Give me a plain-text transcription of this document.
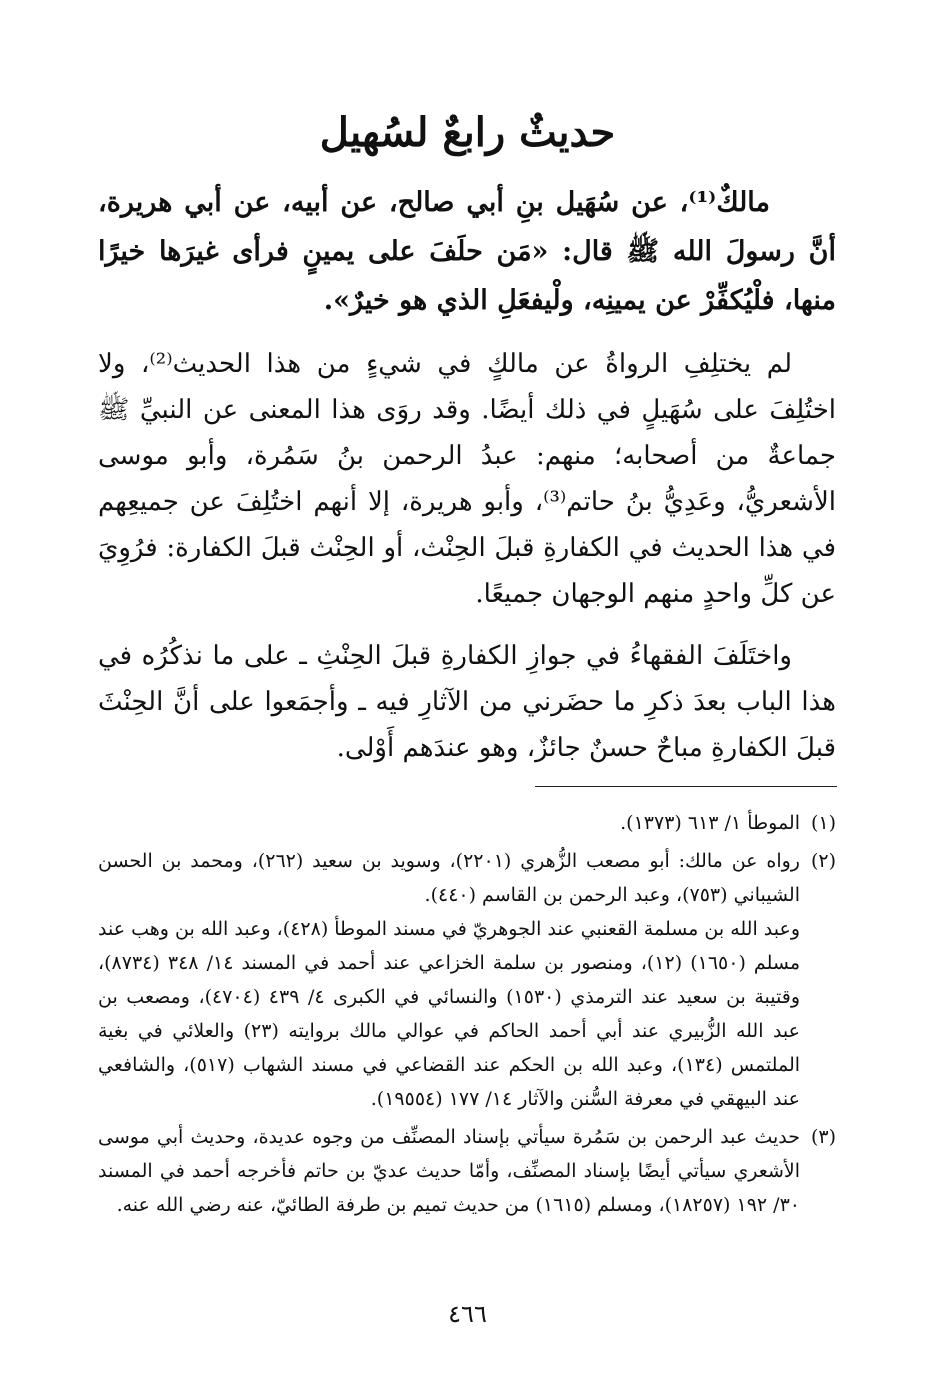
حديثٌ رابعٌ لسُهيل

مالكٌ⁽¹⁾، عن سُهَيل بنِ أبي صالح، عن أبيه، عن أبي هريرة، أنَّ رسولَ الله ﷺ قال: «مَن حلَفَ على يمينٍ فرأى غيرَها خيرًا منها، فلْيُكفِّرْ عن يمينِه، ولْيفعَلِ الذي هو خيرٌ».

لم يختلِفِ الرواةُ عن مالكٍ في شيءٍ من هذا الحديث⁽²⁾، ولا اختُلِفَ على سُهَيلٍ في ذلك أيضًا. وقد روَى هذا المعنى عن النبيِّ ﷺ جماعةٌ من أصحابه؛ منهم: عبدُ الرحمن بنُ سَمُرة، وأبو موسى الأشعريُّ، وعَدِيُّ بنُ حاتم⁽³⁾، وأبو هريرة، إلا أنهم اختُلِفَ عن جميعِهم في هذا الحديث في الكفارةِ قبلَ الحِنْث، أو الحِنْث قبلَ الكفارة: فرُوِيَ عن كلِّ واحدٍ منهم الوجهان جميعًا.

واختَلَفَ الفقهاءُ في جوازِ الكفارةِ قبلَ الحِنْثِ ـ على ما نذكُرُه في هذا الباب بعدَ ذكرِ ما حضَرني من الآثارِ فيه ـ وأجمَعوا على أنَّ الحِنْثَ قبلَ الكفارةِ مباحٌ حسنٌ جائزٌ، وهو عندَهم أَوْلى.

(١)
الموطأ ١/ ٦١٣ (١٣٧٣).
(٢)
رواه عن مالك: أبو مصعب الزُّهري (٢٢٠١)، وسويد بن سعيد (٢٦٢)، ومحمد بن الحسن الشيباني (٧٥٣)، وعبد الرحمن بن القاسم (٤٤٠).
وعبد الله بن مسلمة القعنبي عند الجوهريّ في مسند الموطأ (٤٢٨)، وعبد الله بن وهب عند مسلم (١٦٥٠) (١٢)، ومنصور بن سلمة الخزاعي عند أحمد في المسند ١٤/ ٣٤٨ (٨٧٣٤)، وقتيبة بن سعيد عند الترمذي (١٥٣٠) والنسائي في الكبرى ٤/ ٤٣٩ (٤٧٠٤)، ومصعب بن عبد الله الزُّبيري عند أبي أحمد الحاكم في عوالي مالك بروايته (٢٣) والعلائي في بغية الملتمس (١٣٤)، وعبد الله بن الحكم عند القضاعي في مسند الشهاب (٥١٧)، والشافعي عند البيهقي في معرفة السُّنن والآثار ١٤/ ١٧٧ (١٩٥٥٤).
(٣)
حديث عبد الرحمن بن سَمُرة سيأتي بإسناد المصنِّف من وجوه عديدة، وحديث أبي موسى الأشعري سيأتي أيضًا بإسناد المصنِّف، وأمّا حديث عديّ بن حاتم فأخرجه أحمد في المسند ٣٠/ ١٩٢ (١٨٢٥٧)، ومسلم (١٦١٥) من حديث تميم بن طرفة الطائيّ، عنه رضي الله عنه.
٤٦٦
